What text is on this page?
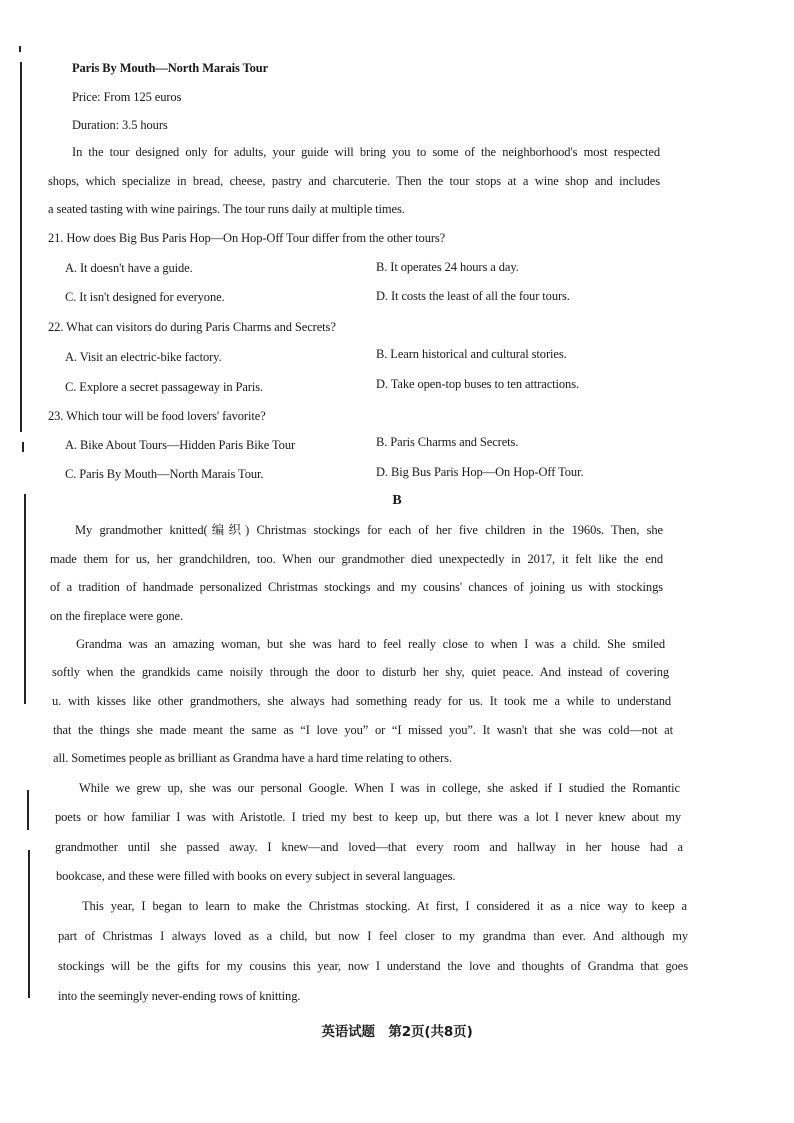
Paris By Mouth—North Marais Tour
Price: From 125 euros
Duration: 3.5 hours
In the tour designed only for adults, your guide will bring you to some of the neighborhood's most respected
shops, which specialize in bread, cheese, pastry and charcuterie. Then the tour stops at a wine shop and includes
a seated tasting with wine pairings. The tour runs daily at multiple times.
21. How does Big Bus Paris Hop—On Hop-Off Tour differ from the other tours?
A. It doesn't have a guide.	B. It operates 24 hours a day.
C. It isn't designed for everyone.	D. It costs the least of all the four tours.
22. What can visitors do during Paris Charms and Secrets?
A. Visit an electric-bike factory.	B. Learn historical and cultural stories.
C. Explore a secret passageway in Paris.	D. Take open-top buses to ten attractions.
23. Which tour will be food lovers' favorite?
A. Bike About Tours—Hidden Paris Bike Tour	B. Paris Charms and Secrets.
C. Paris By Mouth—North Marais Tour.	D. Big Bus Paris Hop—On Hop-Off Tour.
B
My grandmother knitted(编织) Christmas stockings for each of her five children in the 1960s. Then, she
made them for us, her grandchildren, too. When our grandmother died unexpectedly in 2017, it felt like the end
of a tradition of handmade personalized Christmas stockings and my cousins' chances of joining us with stockings
on the fireplace were gone.
Grandma was an amazing woman, but she was hard to feel really close to when I was a child. She smiled
softly when the grandkids came noisily through the door to disturb her shy, quiet peace. And instead of covering
u. with kisses like other grandmothers, she always had something ready for us. It took me a while to understand
that the things she made meant the same as “I love you” or “I missed you”. It wasn't that she was cold—not at
all. Sometimes people as brilliant as Grandma have a hard time relating to others.
While we grew up, she was our personal Google. When I was in college, she asked if I studied the Romantic
poets or how familiar I was with Aristotle. I tried my best to keep up, but there was a lot I never knew about my
grandmother until she passed away. I knew—and loved—that every room and hallway in her house had a
bookcase, and these were filled with books on every subject in several languages.
This year, I began to learn to make the Christmas stocking. At first, I considered it as a nice way to keep a
part of Christmas I always loved as a child, but now I feel closer to my grandma than ever. And although my
stockings will be the gifts for my cousins this year, now I understand the love and thoughts of Grandma that goes
into the seemingly never-ending rows of knitting.
英语试题　第2页(共8页)
